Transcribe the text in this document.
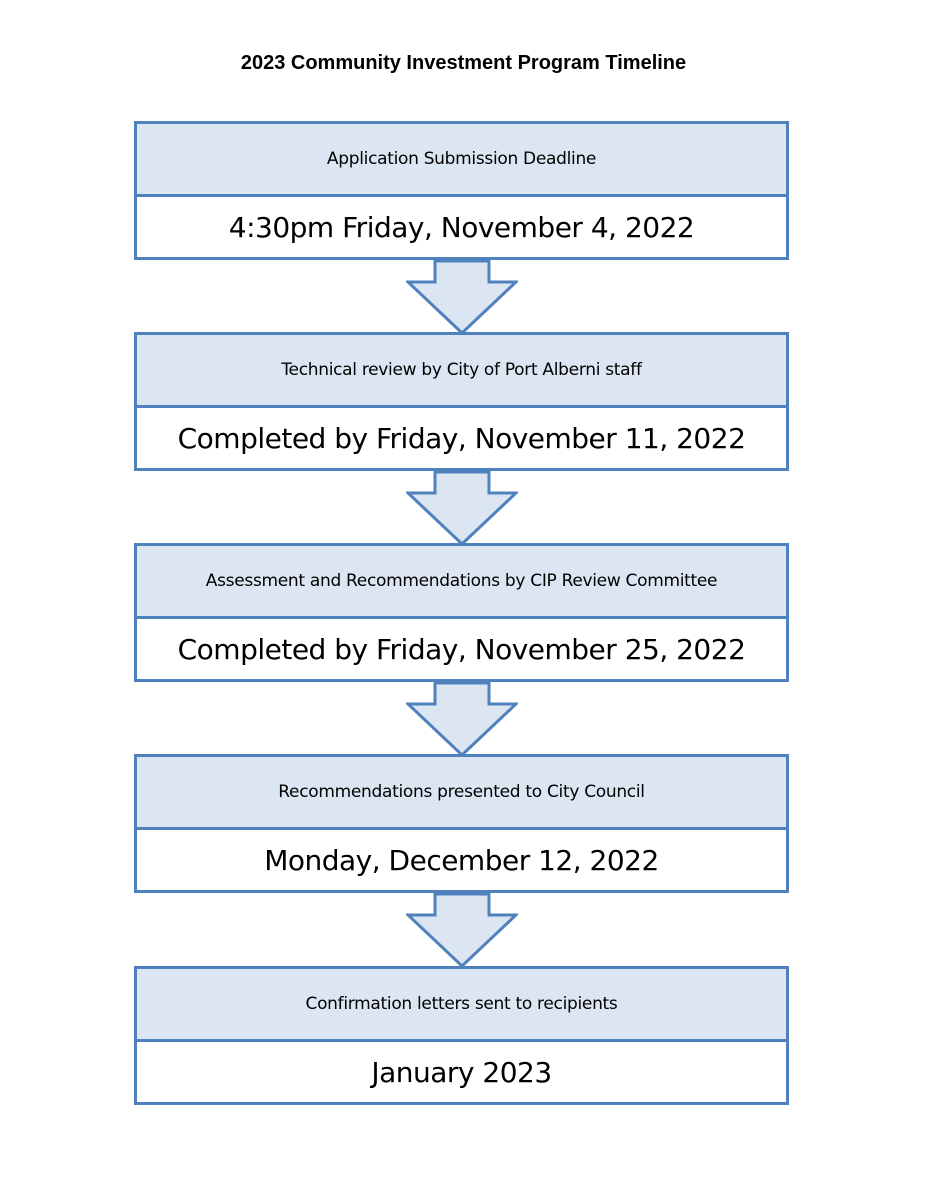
2023 Community Investment Program Timeline
Application Submission Deadline
4:30pm Friday, November 4, 2022
Technical review by City of Port Alberni staff
Completed by Friday, November 11, 2022
Assessment and Recommendations by CIP Review Committee
Completed by Friday, November 25, 2022
Recommendations presented to City Council
Monday, December 12, 2022
Confirmation letters sent to recipients
January 2023
